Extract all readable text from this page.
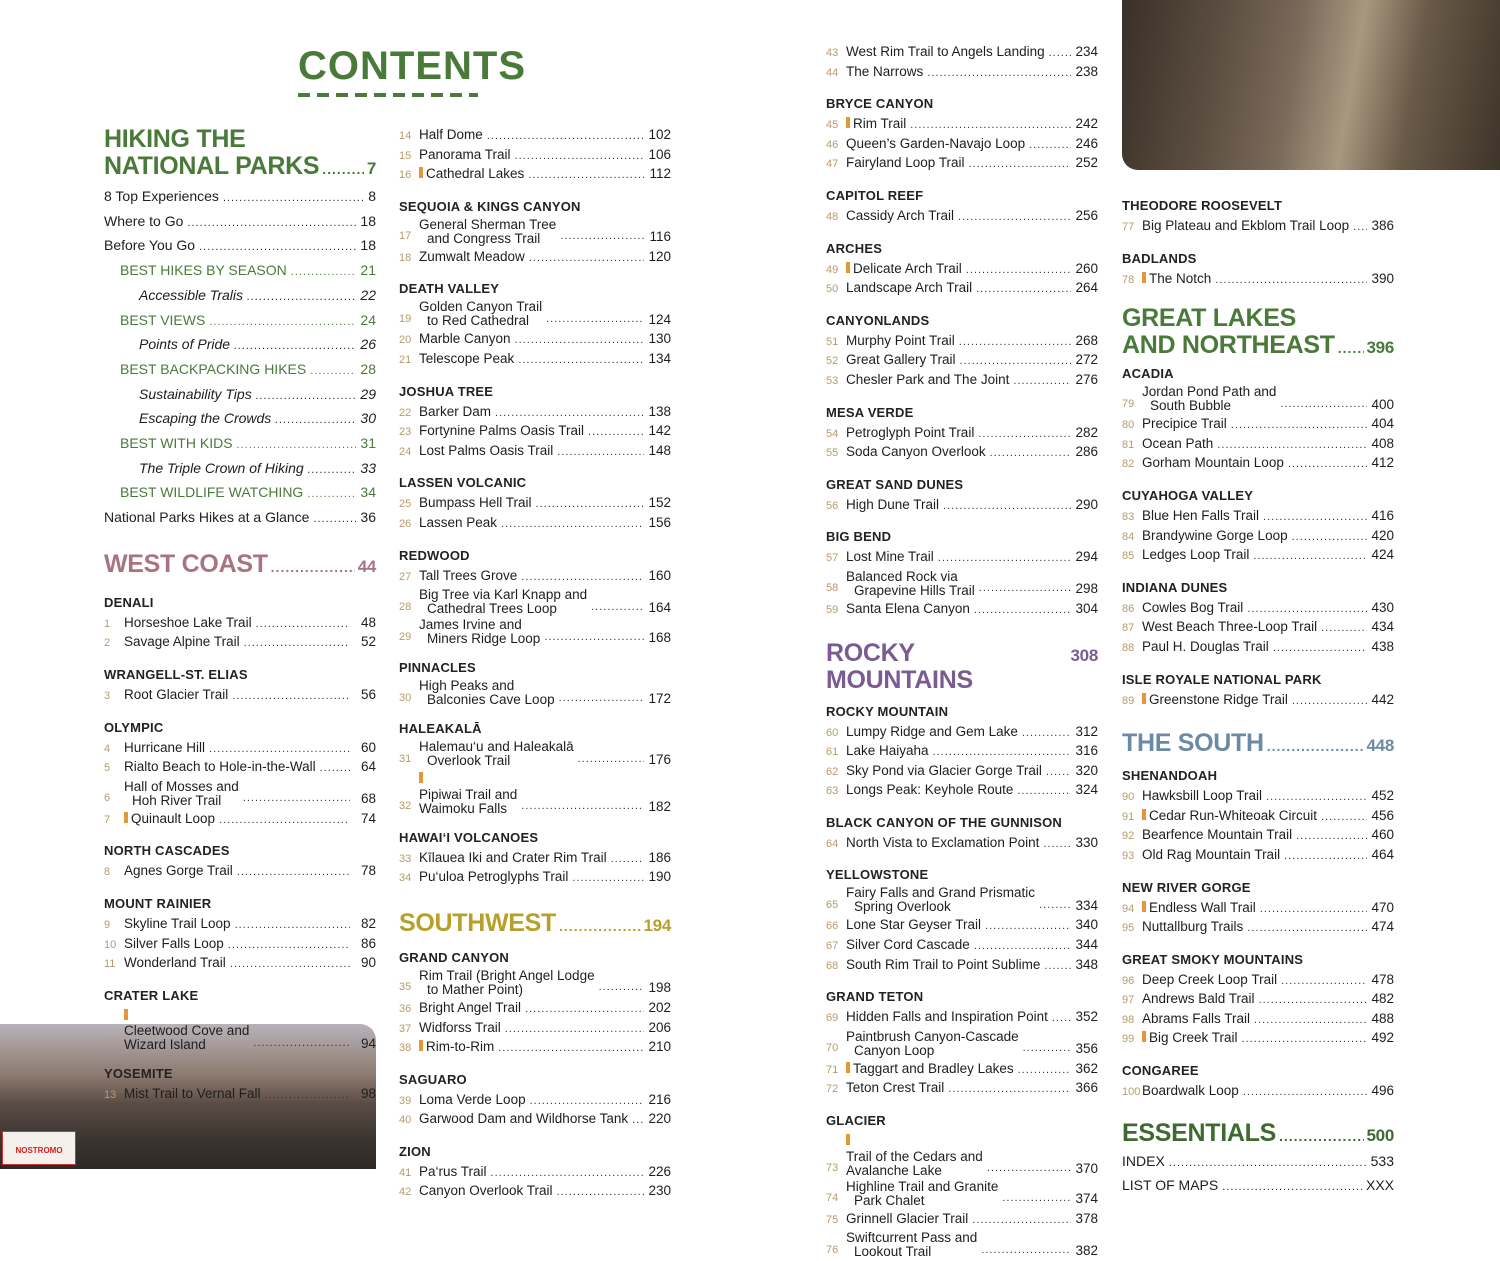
CONTENTS
NOSTROMO
HIKING THE
NATIONAL PARKS .....	7
8 Top Experiences .....	8
Where to Go .....	18
Before You Go .....	18
BEST HIKES BY SEASON .....	21
Accessible Tralis .....	22
BEST VIEWS .....	24
Points of Pride .....	26
BEST BACKPACKING HIKES .....	28
Sustainability Tips .....	29
Escaping the Crowds .....	30
BEST WITH KIDS .....	31
The Triple Crown of Hiking .....	33
BEST WILDLIFE WATCHING .....	34
National Parks Hikes at a Glance .....	36
WEST COAST .....	44
DENALI
1	Horseshoe Lake Trail .....	48
2	Savage Alpine Trail .....	52
WRANGELL-ST. ELIAS
3	Root Glacier Trail .....	56
OLYMPIC
4	Hurricane Hill .....	60
5	Rialto Beach to Hole-in-the-Wall .....	64
6
Hall of Mosses and
Hoh River Trail .....	68
7	Quinault Loop .....	74
NORTH CASCADES
8	Agnes Gorge Trail .....	78
MOUNT RAINIER
9	Skyline Trail Loop .....	82
10 Silver Falls Loop .....	86
11 Wonderland Trail .....	90
CRATER LAKE
12
Cleetwood Cove and
Wizard Island .....	94
YOSEMITE
13 Mist Trail to Vernal Fall .....	98
14 Half Dome .....	102
15 Panorama Trail .....	106
16	Cathedral Lakes .....	112
SEQUOIA & KINGS CANYON
17
General Sherman Tree
and Congress Trail .....	116
18 Zumwalt Meadow .....	120
DEATH VALLEY
19
Golden Canyon Trail
to Red Cathedral .....	124
20 Marble Canyon .....	130
21 Telescope Peak .....	134
JOSHUA TREE
22 Barker Dam .....	138
23 Fortynine Palms Oasis Trail .....	142
24 Lost Palms Oasis Trail .....	148
LASSEN VOLCANIC
25 Bumpass Hell Trail .....	152
26 Lassen Peak .....	156
REDWOOD
27 Tall Trees Grove .....	160
28
Big Tree via Karl Knapp and
Cathedral Trees Loop .....	164
29
James Irvine and
Miners Ridge Loop .....	168
PINNACLES
30
High Peaks and
Balconies Cave Loop .....	172
HALEAKALĀ
31
Halemau‘u and Haleakalā
Overlook Trail .....	176
32
Pipiwai Trail and
Waimoku Falls .....	182
HAWAI‘I VOLCANOES
33 Kīlauea Iki and Crater Rim Trail .....	186
34 Pu‘uloa Petroglyphs Trail .....	190
SOUTHWEST .....	194
GRAND CANYON
35
Rim Trail (Bright Angel Lodge
to Mather Point) .....	198
36 Bright Angel Trail .....	202
37 Widforss Trail .....	206
38	Rim-to-Rim .....	210
SAGUARO
39 Loma Verde Loop .....	216
40 Garwood Dam and Wildhorse Tank ..... 220
ZION
41 Pa‘rus Trail .....	226
42 Canyon Overlook Trail .....	230
43 West Rim Trail to Angels Landing ..... 234
44 The Narrows .....	238
BRYCE CANYON
45	Rim Trail .....	242
46 Queen’s Garden-Navajo Loop .....	246
47 Fairyland Loop Trail .....	252
CAPITOL REEF
48 Cassidy Arch Trail .....	256
ARCHES
49	Delicate Arch Trail .....	260
50 Landscape Arch Trail .....	264
CANYONLANDS
51 Murphy Point Trail .....	268
52 Great Gallery Trail .....	272
53 Chesler Park and The Joint .....	276
MESA VERDE
54 Petroglyph Point Trail .....	282
55 Soda Canyon Overlook .....	286
GREAT SAND DUNES
56 High Dune Trail .....	290
BIG BEND
57 Lost Mine Trail .....	294
58
Balanced Rock via
Grapevine Hills Trail .....	298
59 Santa Elena Canyon .....	304
ROCKY MOUNTAINS
308
ROCKY MOUNTAIN
60 Lumpy Ridge and Gem Lake .....	312
61 Lake Haiyaha .....	316
62 Sky Pond via Glacier Gorge Trail ..... 320
63 Longs Peak: Keyhole Route .....	324
BLACK CANYON OF THE GUNNISON
64 North Vista to Exclamation Point .....	330
YELLOWSTONE
65
Fairy Falls and Grand Prismatic
Spring Overlook .....	334
66 Lone Star Geyser Trail .....	340
67 Silver Cord Cascade .....	344
68 South Rim Trail to Point Sublime .....	348
GRAND TETON
69 Hidden Falls and Inspiration Point ..... 352
70
Paintbrush Canyon-Cascade
Canyon Loop .....	356
71	Taggart and Bradley Lakes .....	362
72 Teton Crest Trail .....	366
GLACIER
73
Trail of the Cedars and
Avalanche Lake .....	370
74
Highline Trail and Granite
Park Chalet .....	374
75 Grinnell Glacier Trail .....	378
76
Swiftcurrent Pass and
Lookout Trail .....	382
THEODORE ROOSEVELT
77 Big Plateau and Ekblom Trail Loop ..... 386
BADLANDS
78	The Notch .....	390
GREAT LAKES
AND NORTHEAST ..... 396
ACADIA
79
Jordan Pond Path and
South Bubble .....	400
80 Precipice Trail .....	404
81 Ocean Path .....	408
82 Gorham Mountain Loop .....	412
CUYAHOGA VALLEY
83 Blue Hen Falls Trail .....	416
84 Brandywine Gorge Loop .....	420
85 Ledges Loop Trail .....	424
INDIANA DUNES
86 Cowles Bog Trail .....	430
87 West Beach Three-Loop Trail .....	434
88 Paul H. Douglas Trail .....	438
ISLE ROYALE NATIONAL PARK
89	Greenstone Ridge Trail .....	442
THE SOUTH .....	448
SHENANDOAH
90 Hawksbill Loop Trail .....	452
91	Cedar Run-Whiteoak Circuit .....	456
92 Bearfence Mountain Trail .....	460
93 Old Rag Mountain Trail .....	464
NEW RIVER GORGE
94	Endless Wall Trail .....	470
95 Nuttallburg Trails .....	474
GREAT SMOKY MOUNTAINS
96 Deep Creek Loop Trail .....	478
97 Andrews Bald Trail .....	482
98 Abrams Falls Trail .....	488
99	Big Creek Trail .....	492
CONGAREE
100 Boardwalk Loop .....	496
ESSENTIALS .....	500
INDEX .....	533
LIST OF MAPS .....	XXX
